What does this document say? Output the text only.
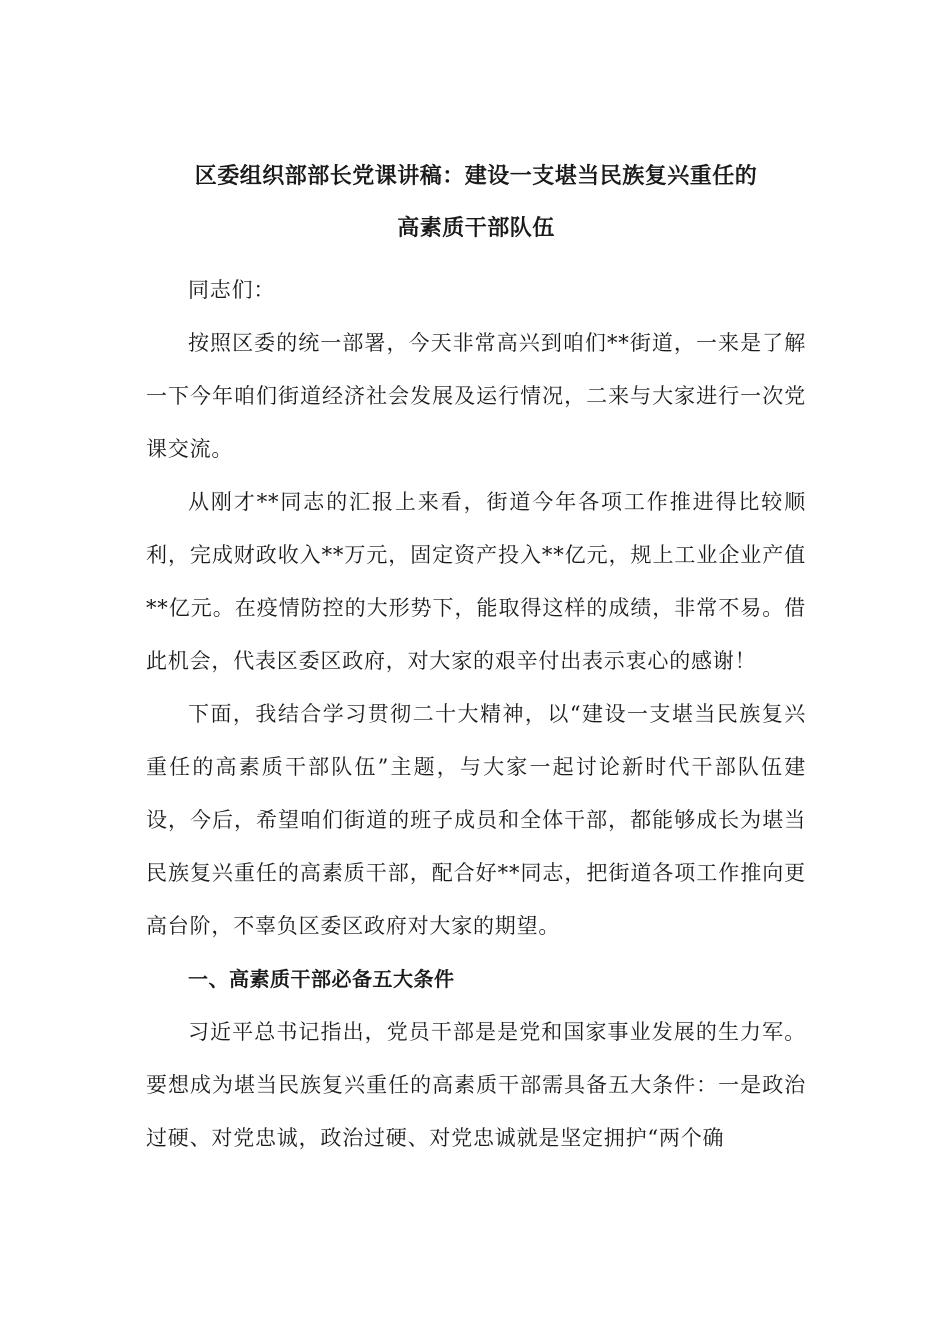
区委组织部部长党课讲稿：建设一支堪当民族复兴重任的
高素质干部队伍

同志们：

按照区委的统一部署，今天非常高兴到咱们**街道，一来是了解一下今年咱们街道经济社会发展及运行情况，二来与大家进行一次党课交流。

从刚才**同志的汇报上来看，街道今年各项工作推进得比较顺利，完成财政收入**万元，固定资产投入**亿元，规上工业企业产值**亿元。在疫情防控的大形势下，能取得这样的成绩，非常不易。借此机会，代表区委区政府，对大家的艰辛付出表示衷心的感谢！

下面，我结合学习贯彻二十大精神，以“建设一支堪当民族复兴重任的高素质干部队伍”主题，与大家一起讨论新时代干部队伍建设，今后，希望咱们街道的班子成员和全体干部，都能够成长为堪当民族复兴重任的高素质干部，配合好**同志，把街道各项工作推向更高台阶，不辜负区委区政府对大家的期望。

一、高素质干部必备五大条件

习近平总书记指出，党员干部是是党和国家事业发展的生力军。要想成为堪当民族复兴重任的高素质干部需具备五大条件：一是政治过硬、对党忠诚，政治过硬、对党忠诚就是坚定拥护“两个确
